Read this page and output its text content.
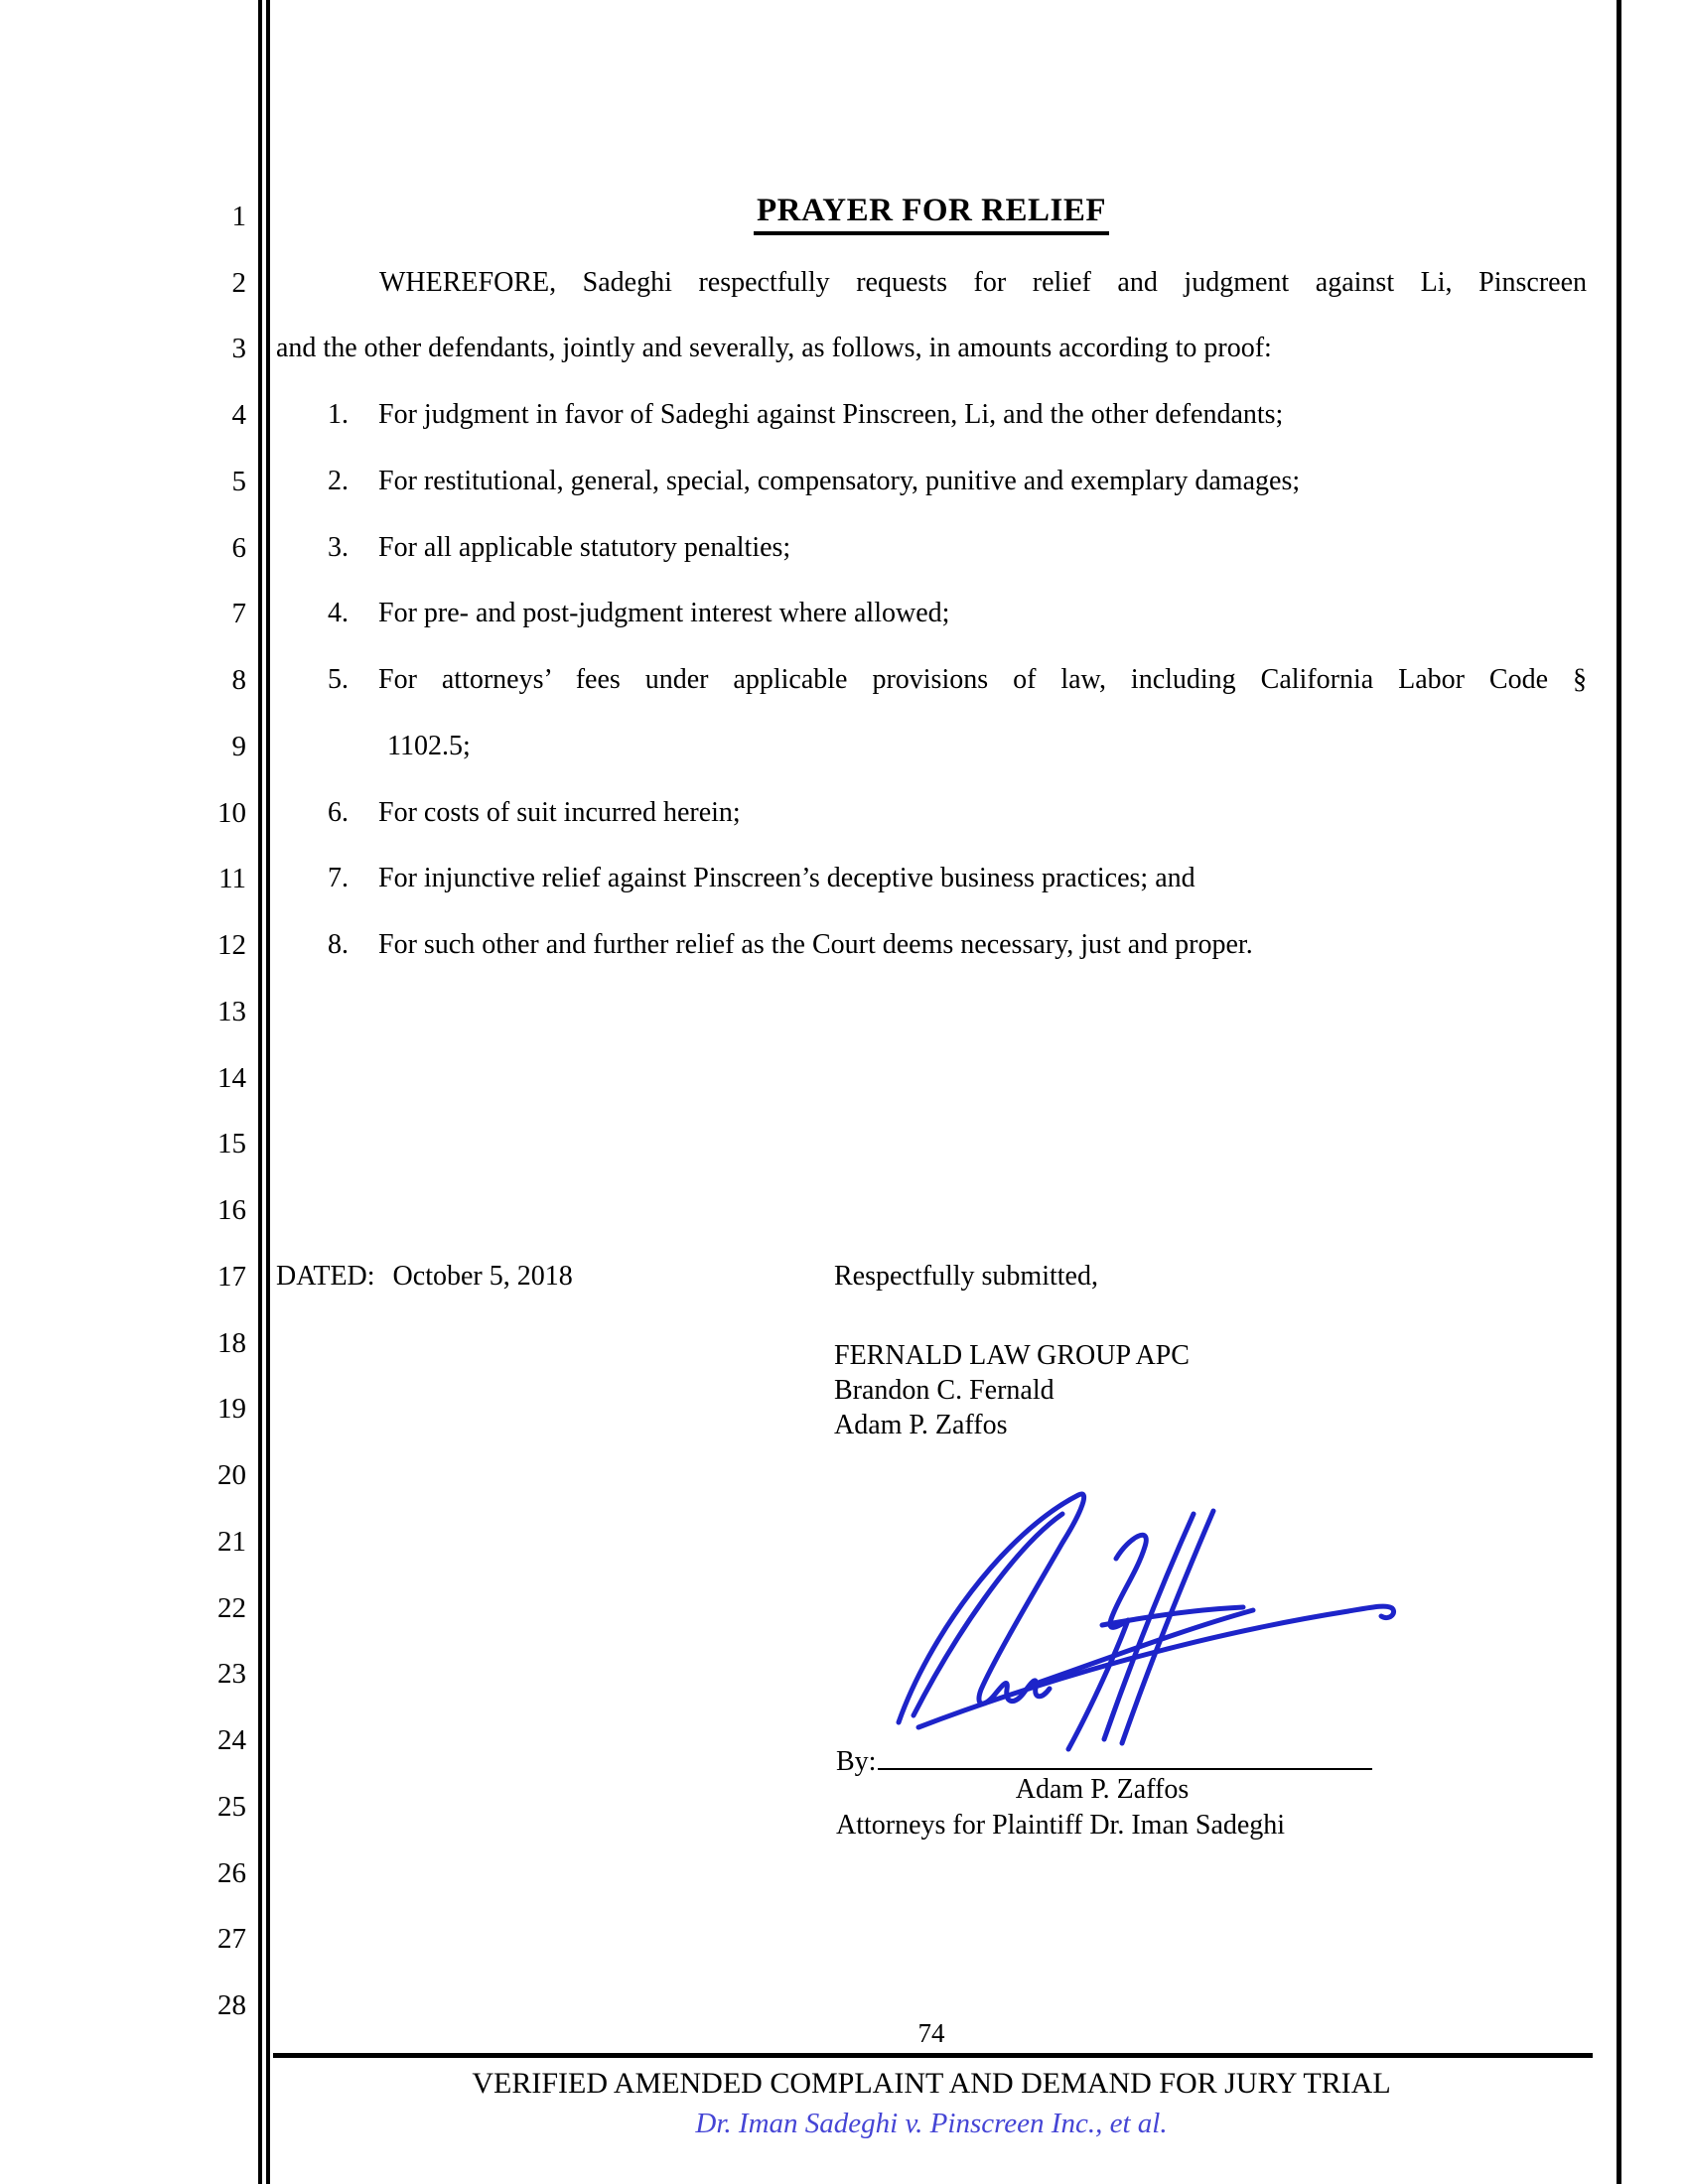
1
2
3
4
5
6
7
8
9
10
11
12
13
14
15
16
17
18
19
20
21
22
23
24
25
26
27
28
PRAYER FOR RELIEF
WHEREFORE, Sadeghi respectfully requests for relief and judgment against Li, Pinscreen
and the other defendants, jointly and severally, as follows, in amounts according to proof:
1.	For judgment in favor of Sadeghi against Pinscreen, Li, and the other defendants;
2.	For restitutional, general, special, compensatory, punitive and exemplary damages;
3.	For all applicable statutory penalties;
4.	For pre- and post-judgment interest where allowed;
5.	For attorneys’ fees under applicable provisions of law, including California Labor Code §
1102.5;
6.	For costs of suit incurred herein;
7.	For injunctive relief against Pinscreen’s deceptive business practices; and
8.	For such other and further relief as the Court deems necessary, just and proper.
DATED: October 5, 2018	Respectfully submitted,
FERNALD LAW GROUP APC
Brandon C. Fernald
Adam P. Zaffos
By:
Adam P. Zaffos
Attorneys for Plaintiff Dr. Iman Sadeghi
74
VERIFIED AMENDED COMPLAINT AND DEMAND FOR JURY TRIAL
Dr. Iman Sadeghi v. Pinscreen Inc., et al.
